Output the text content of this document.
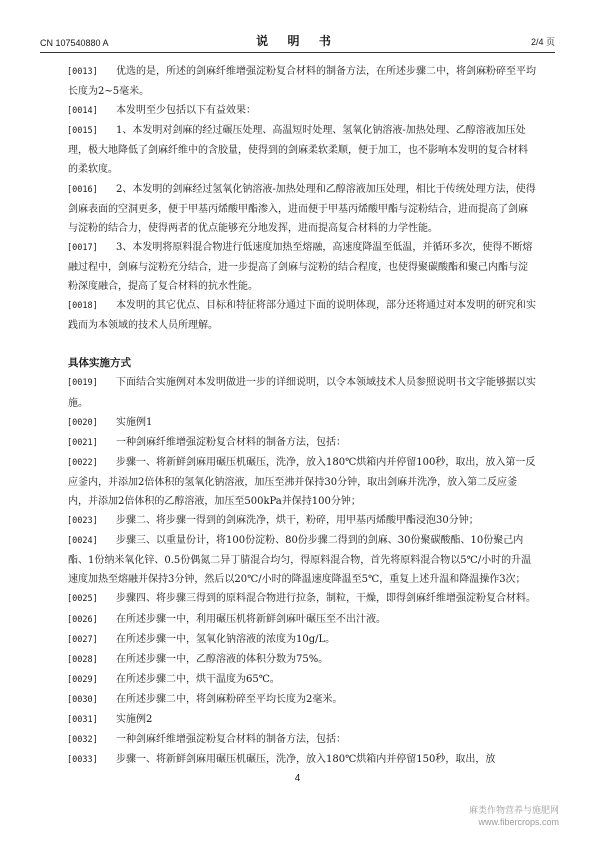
CN 107540880 A	说 明 书	2/4 页
[0013] 优选的是，所述的剑麻纤维增强淀粉复合材料的制备方法，在所述步骤二中，将剑麻粉碎至平均长度为2~5毫米。
[0014] 本发明至少包括以下有益效果：
[0015] 1、本发明对剑麻的经过碾压处理、高温短时处理、氢氧化钠溶液-加热处理、乙醇溶液加压处理，极大地降低了剑麻纤维中的含胶量，使得到的剑麻柔软柔顺，便于加工，也不影响本发明的复合材料的柔软度。
[0016] 2、本发明的剑麻经过氢氧化钠溶液-加热处理和乙醇溶液加压处理，相比于传统处理方法，使得剑麻表面的空洞更多，便于甲基丙烯酸甲酯渗入，进而便于甲基丙烯酸甲酯与淀粉结合，进而提高了剑麻与淀粉的结合力，使得两者的优点能够充分地发挥，进而提高复合材料的力学性能。
[0017] 3、本发明将原料混合物进行低速度加热至熔融，高速度降温至低温，并循环多次，使得不断熔融过程中，剑麻与淀粉充分结合，进一步提高了剑麻与淀粉的结合程度，也使得聚碳酸酯和聚己内酯与淀粉深度融合，提高了复合材料的抗水性能。
[0018] 本发明的其它优点、目标和特征将部分通过下面的说明体现，部分还将通过对本发明的研究和实践而为本领域的技术人员所理解。
具体实施方式
[0019] 下面结合实施例对本发明做进一步的详细说明，以令本领域技术人员参照说明书文字能够据以实施。
[0020] 实施例1
[0021] 一种剑麻纤维增强淀粉复合材料的制备方法，包括：
[0022] 步骤一、将新鲜剑麻用碾压机碾压，洗净，放入180℃烘箱内并停留100秒，取出，放入第一反应釜内，并添加2倍体积的氢氧化钠溶液，加压至沸并保持30分钟，取出剑麻并洗净，放入第二反应釜内，并添加2倍体积的乙醇溶液，加压至500kPa并保持100分钟；
[0023] 步骤二、将步骤一得到的剑麻洗净，烘干，粉碎，用甲基丙烯酸甲酯浸泡30分钟；
[0024] 步骤三、以重量份计，将100份淀粉、80份步骤二得到的剑麻、30份聚碳酸酯、10份聚己内酯、1份纳米氧化锌、0.5份偶氮二异丁腈混合均匀，得原料混合物，首先将原料混合物以5℃/小时的升温速度加热至熔融并保持3分钟，然后以20℃/小时的降温速度降温至5℃，重复上述升温和降温操作3次；
[0025] 步骤四、将步骤三得到的原料混合物进行拉条，制粒，干燥，即得剑麻纤维增强淀粉复合材料。
[0026] 在所述步骤一中，利用碾压机将新鲜剑麻叶碾压至不出汁液。
[0027] 在所述步骤一中，氢氧化钠溶液的浓度为10g/L。
[0028] 在所述步骤一中，乙醇溶液的体积分数为75%。
[0029] 在所述步骤二中，烘干温度为65℃。
[0030] 在所述步骤二中，将剑麻粉碎至平均长度为2毫米。
[0031] 实施例2
[0032] 一种剑麻纤维增强淀粉复合材料的制备方法，包括：
[0033] 步骤一、将新鲜剑麻用碾压机碾压，洗净，放入180℃烘箱内并停留150秒，取出，放
4
麻类作物营养与施肥网
www.fibercrops.com
